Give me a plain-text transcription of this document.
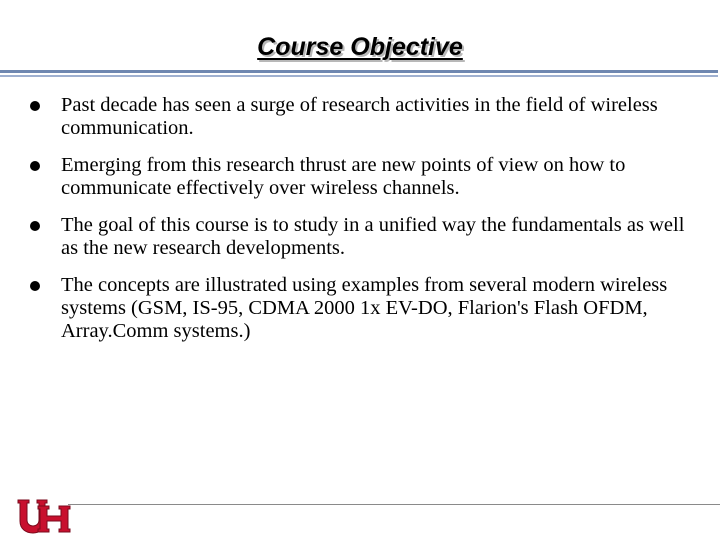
Course Objective
Past decade has seen a surge of research activities in the field of wireless communication.
Emerging from this research thrust are new points of view on how to communicate effectively over wireless channels.
The goal of this course is to study in a unified way the fundamentals as well as the new research developments.
The concepts are illustrated using examples from several modern wireless systems (GSM, IS-95, CDMA 2000 1x EV-DO, Flarion's Flash OFDM, Array.Comm systems.)
